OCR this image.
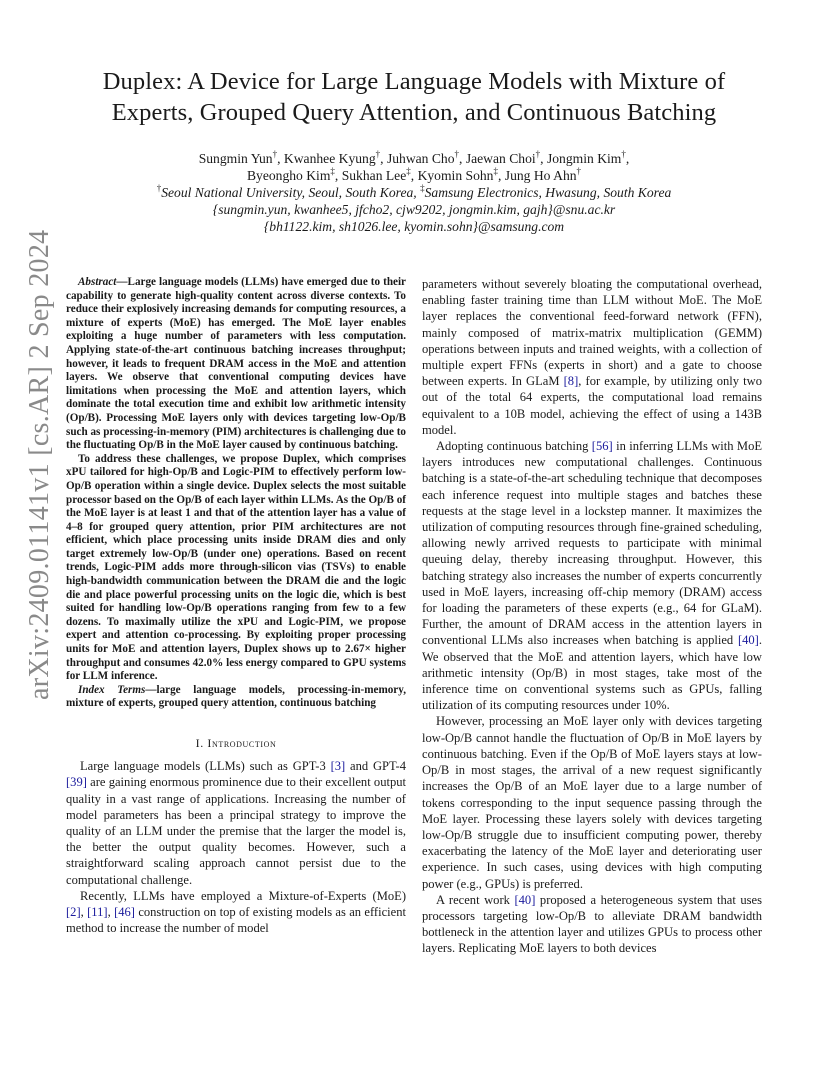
Duplex: A Device for Large Language Models with Mixture of Experts, Grouped Query Attention, and Continuous Batching
Sungmin Yun†, Kwanhee Kyung†, Juhwan Cho†, Jaewan Choi†, Jongmin Kim†,
Byeongho Kim‡, Sukhan Lee‡, Kyomin Sohn‡, Jung Ho Ahn†
†Seoul National University, Seoul, South Korea, ‡Samsung Electronics, Hwasung, South Korea
{sungmin.yun, kwanhee5, jfcho2, cjw9202, jongmin.kim, gajh}@snu.ac.kr
{bh1122.kim, sh1026.lee, kyomin.sohn}@samsung.com
arXiv:2409.01141v1 [cs.AR] 2 Sep 2024	Abstract—Large language models (LLMs) have emerged due to their capability to generate high-quality content across diverse contexts. To reduce their explosively increasing demands for computing resources, a mixture of experts (MoE) has emerged. The MoE layer enables exploiting a huge number of parameters with less computation. Applying state-of-the-art continuous batching increases throughput; however, it leads to frequent DRAM access in the MoE and attention layers. We observe that conventional computing devices have limitations when processing the MoE and attention layers, which dominate the total execution time and exhibit low arithmetic intensity (Op/B). Processing MoE layers only with devices targeting low-Op/B such as processing-in-memory (PIM) architectures is challenging due to the fluctuating Op/B in the MoE layer caused by continuous batching.

To address these challenges, we propose Duplex, which comprises xPU tailored for high-Op/B and Logic-PIM to effectively perform low-Op/B operation within a single device. Duplex selects the most suitable processor based on the Op/B of each layer within LLMs. As the Op/B of the MoE layer is at least 1 and that of the attention layer has a value of 4–8 for grouped query attention, prior PIM architectures are not efficient, which place processing units inside DRAM dies and only target extremely low-Op/B (under one) operations. Based on recent trends, Logic-PIM adds more through-silicon vias (TSVs) to enable high-bandwidth communication between the DRAM die and the logic die and place powerful processing units on the logic die, which is best suited for handling low-Op/B operations ranging from few to a few dozens. To maximally utilize the xPU and Logic-PIM, we propose expert and attention co-processing. By exploiting proper processing units for MoE and attention layers, Duplex shows up to 2.67× higher throughput and consumes 42.0% less energy compared to GPU systems for LLM inference.

Index Terms—large language models, processing-in-memory, mixture of experts, grouped query attention, continuous batching

I. Introduction

Large language models (LLMs) such as GPT-3 [3] and GPT-4 [39] are gaining enormous prominence due to their excellent output quality in a vast range of applications. Increasing the number of model parameters has been a principal strategy to improve the quality of an LLM under the premise that the larger the model is, the better the output quality becomes. However, such a straightforward scaling approach cannot persist due to the computational challenge.

Recently, LLMs have employed a Mixture-of-Experts (MoE) [2], [11], [46] construction on top of existing models as an efficient method to increase the number of model

parameters without severely bloating the computational overhead, enabling faster training time than LLM without MoE. The MoE layer replaces the conventional feed-forward network (FFN), mainly composed of matrix-matrix multiplication (GEMM) operations between inputs and trained weights, with a collection of multiple expert FFNs (experts in short) and a gate to choose between experts. In GLaM [8], for example, by utilizing only two out of the total 64 experts, the computational load remains equivalent to a 10B model, achieving the effect of using a 143B model.

Adopting continuous batching [56] in inferring LLMs with MoE layers introduces new computational challenges. Continuous batching is a state-of-the-art scheduling technique that decomposes each inference request into multiple stages and batches these requests at the stage level in a lockstep manner. It maximizes the utilization of computing resources through fine-grained scheduling, allowing newly arrived requests to participate with minimal queuing delay, thereby increasing throughput. However, this batching strategy also increases the number of experts concurrently used in MoE layers, increasing off-chip memory (DRAM) access for loading the parameters of these experts (e.g., 64 for GLaM). Further, the amount of DRAM access in the attention layers in conventional LLMs also increases when batching is applied [40]. We observed that the MoE and attention layers, which have low arithmetic intensity (Op/B) in most stages, take most of the inference time on conventional systems such as GPUs, falling utilization of its computing resources under 10%.

However, processing an MoE layer only with devices targeting low-Op/B cannot handle the fluctuation of Op/B in MoE layers by continuous batching. Even if the Op/B of MoE layers stays at low-Op/B in most stages, the arrival of a new request significantly increases the Op/B of an MoE layer due to a large number of tokens corresponding to the input sequence passing through the MoE layer. Processing these layers solely with devices targeting low-Op/B struggle due to insufficient computing power, thereby exacerbating the latency of the MoE layer and deteriorating user experience. In such cases, using devices with high computing power (e.g., GPUs) is preferred.

A recent work [40] proposed a heterogeneous system that uses processors targeting low-Op/B to alleviate DRAM bandwidth bottleneck in the attention layer and utilizes GPUs to process other layers. Replicating MoE layers to both devices
